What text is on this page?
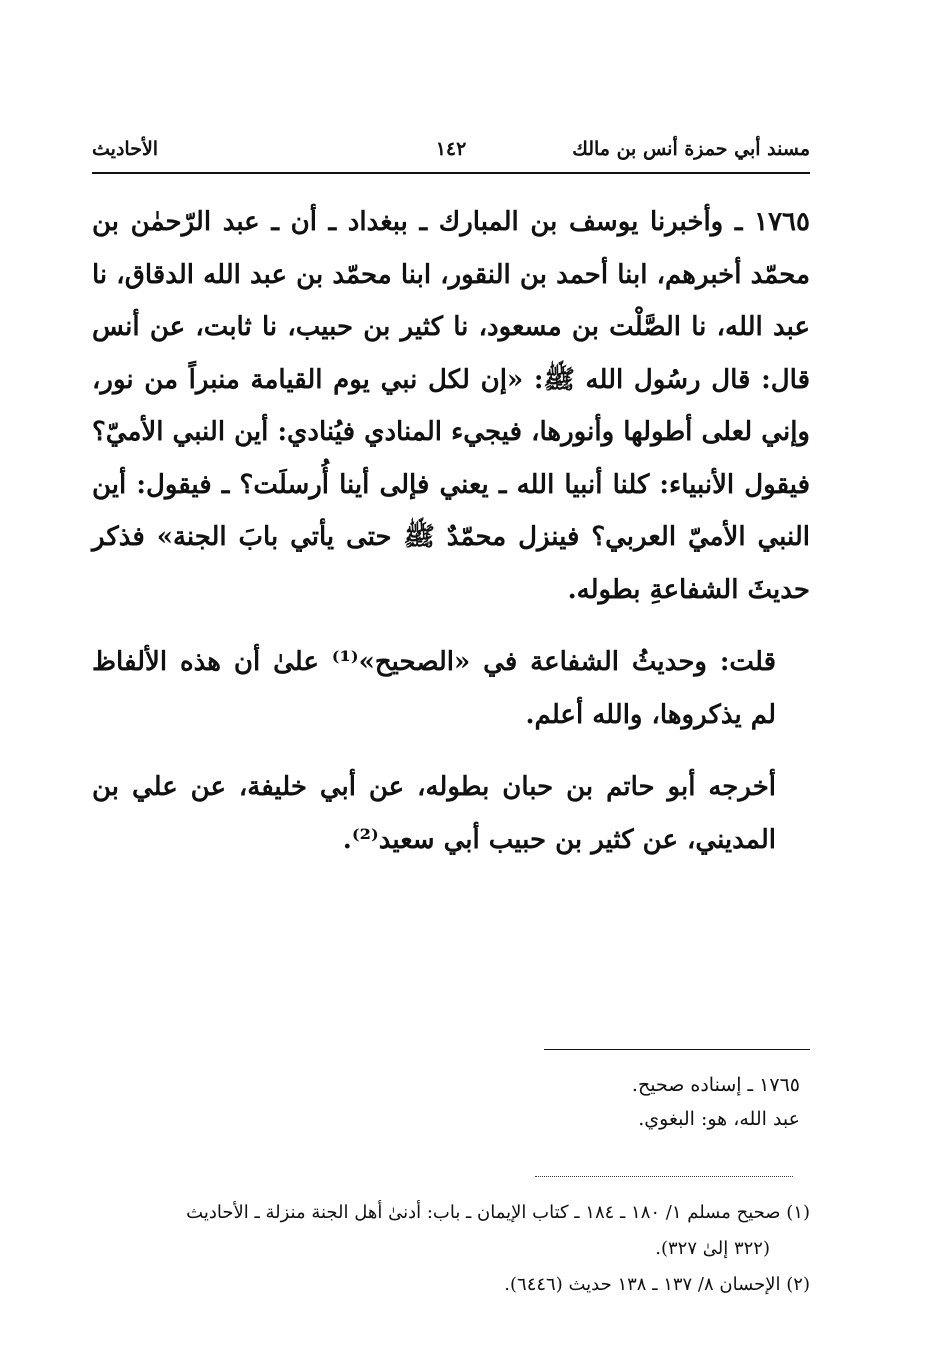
مسند أبي حمزة أنس بن مالك
١٤٢
الأحاديث

١٧٦٥ ـ وأخبرنا يوسف بن المبارك ـ ببغداد ـ أن ـ عبد الرّحمٰن بن محمّد أخبرهم، ابنا أحمد بن النقور، ابنا محمّد بن عبد الله الدقاق، نا عبد الله، نا الصَّلْت بن مسعود، نا كثير بن حبيب، نا ثابت، عن أنس قال: قال رسُول الله ﷺ: «إن لكل نبي يوم القيامة منبراً من نور، وإني لعلى أطولها وأنورها، فيجيء المنادي فيُنادي: أين النبي الأميّ؟ فيقول الأنبياء: كلنا أنبيا الله ـ يعني فإلى أينا أُرسلَت؟ ـ فيقول: أين النبي الأميّ العربي؟ فينزل محمّدٌ ﷺ حتى يأتي بابَ الجنة» فذكر حديثَ الشفاعةِ بطوله.

قلت: وحديثُ الشفاعة في «الصحيح»⁽¹⁾ علىٰ أن هذه الألفاظ لم يذكروها، والله أعلم.

أخرجه أبو حاتم بن حبان بطوله، عن أبي خليفة، عن علي بن المديني، عن كثير بن حبيب أبي سعيد⁽²⁾.

١٧٦٥ ـ إسناده صحيح.

عبد الله، هو: البغوي.

(١) صحيح مسلم ١/ ١٨٠ ـ ١٨٤ ـ كتاب الإيمان ـ باب: أدنىٰ أهل الجنة منزلة ـ الأحاديث

(٣٢٢ إلىٰ ٣٢٧).

(٢) الإحسان ٨/ ١٣٧ ـ ١٣٨ حديث (٦٤٤٦).
